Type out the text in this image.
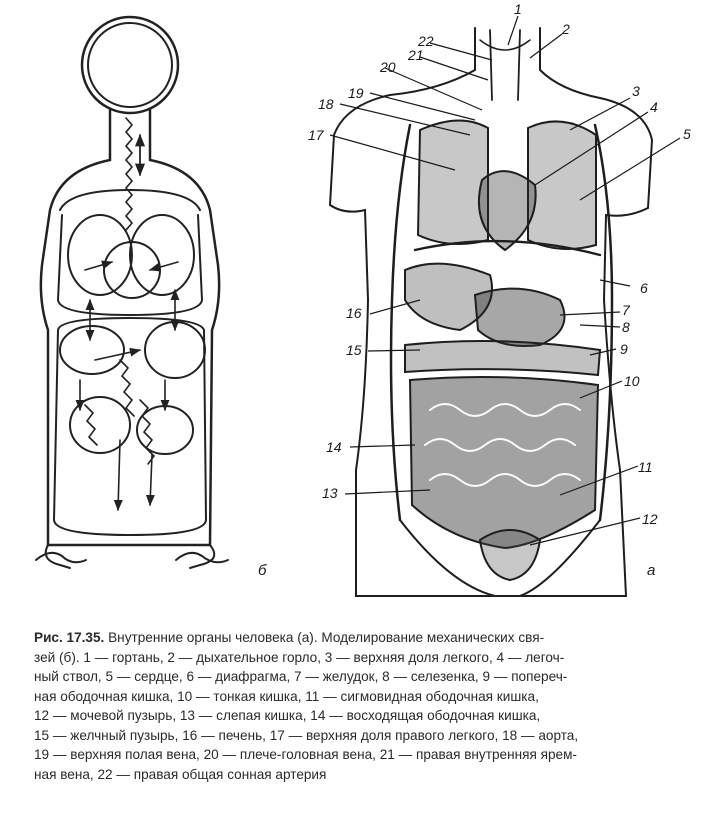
1
2
3
4
5
6
7
8
9
10
11
12
13
14
15
16
17
18
19
20
21
22
б	а
Рис. 17.35. Внутренние органы человека (а). Моделирование механических свя-
зей (б). 1 — гортань, 2 — дыхательное горло, 3 — верхняя доля легкого, 4 — легоч-
ный ствол, 5 — сердце, 6 — диафрагма, 7 — желудок, 8 — селезенка, 9 — попереч-
ная ободочная кишка, 10 — тонкая кишка, 11 — сигмовидная ободочная кишка,
12 — мочевой пузырь, 13 — слепая кишка, 14 — восходящая ободочная кишка,
15 — желчный пузырь, 16 — печень, 17 — верхняя доля правого легкого, 18 — аорта,
19 — верхняя полая вена, 20 — плече-головная вена, 21 — правая внутренняя ярем-
ная вена, 22 — правая общая сонная артерия
